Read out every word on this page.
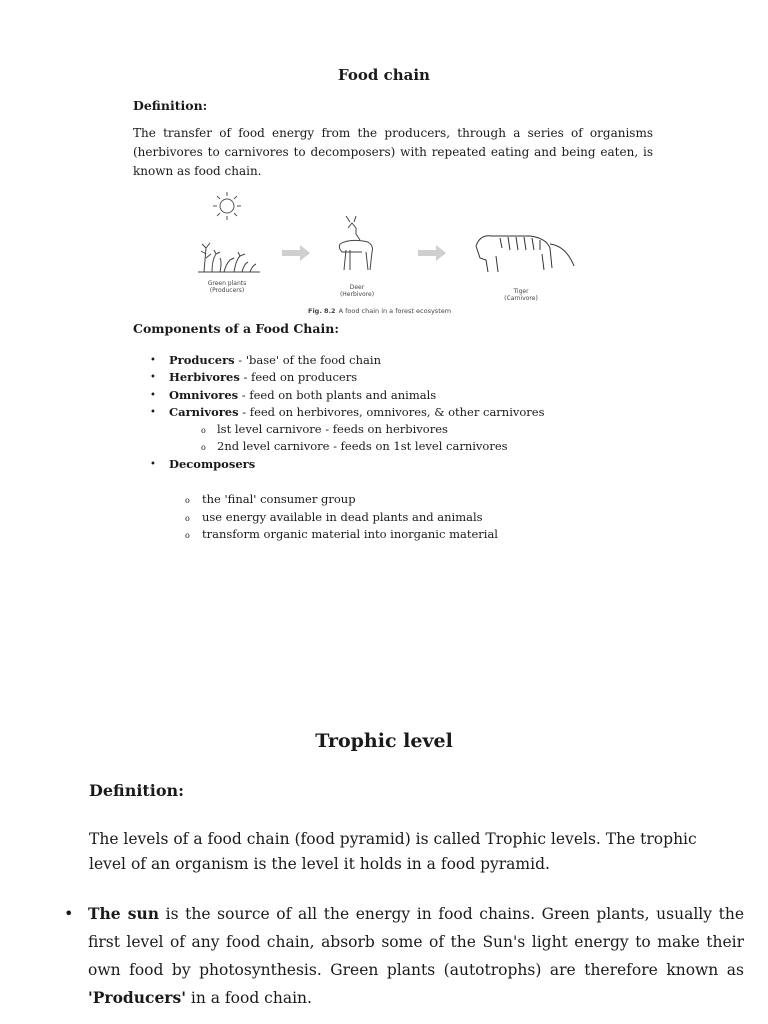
Food chain
Definition:
The transfer of food energy from the producers, through a series of organisms (herbivores to carnivores to decomposers) with repeated eating and being eaten, is known as food chain.
Green plants
(Producers)	Deer
(Herbivore)	Tiger
(Carnivore)
Fig. 8.2 A food chain in a forest ecosystem
Components of a Food Chain:
• Producers - 'base' of the food chain
• Herbivores - feed on producers
• Omnivores - feed on both plants and animals
• Carnivores - feed on herbivores, omnivores, & other carnivores
o lst level carnivore - feeds on herbivores
o 2nd level carnivore - feeds on 1st level carnivores
• Decomposers
o the 'final' consumer group
o use energy available in dead plants and animals
o transform organic material into inorganic material
Trophic level
Definition:
The levels of a food chain (food pyramid) is called Trophic levels. The trophic level of an organism is the level it holds in a food pyramid.
• The sun is the source of all the energy in food chains. Green plants, usually the first level of any food chain, absorb some of the Sun's light energy to make their own food by photosynthesis. Green plants (autotrophs) are therefore known as 'Producers' in a food chain.
